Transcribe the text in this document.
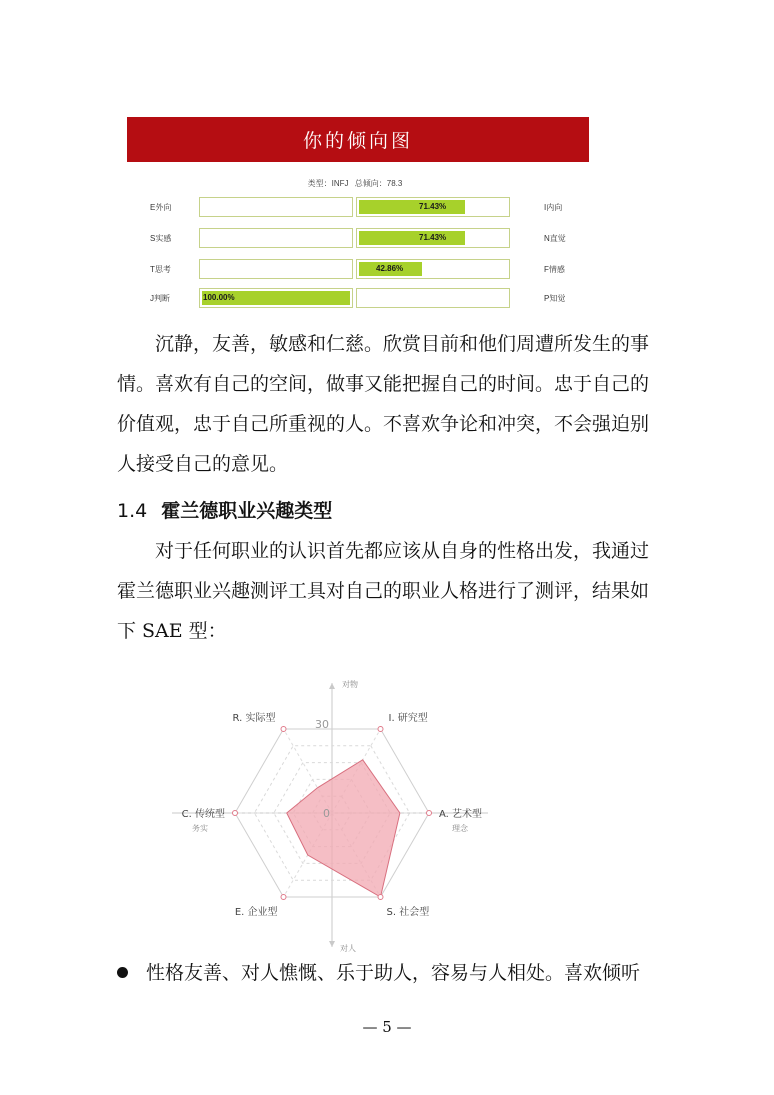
你的倾向图
类型：INFJ 总倾向：78.3
E外向	71.43%	I内向
S实感	71.43%	N直觉
T思考	42.86%	F情感
J判断	100.00%	P知觉
　　沉静，友善，敏感和仁慈。欣赏目前和他们周遭所发生的事
情。喜欢有自己的空间，做事又能把握自己的时间。忠于自己的
价值观，忠于自己所重视的人。不喜欢争论和冲突，不会强迫别
人接受自己的意见。
1.4 霍兰德职业兴趣类型
　　对于任何职业的认识首先都应该从自身的性格出发，我通过
霍兰德职业兴趣测评工具对自己的职业人格进行了测评，结果如
下 SAE 型：
I. 研究型
A. 艺术型
S. 社会型
E. 企业型
C. 传统型
R. 实际型	30
0
对物
对人
务实	理念
性格友善、对人憔慨、乐于助人，容易与人相处。喜欢倾听
— 5 —
